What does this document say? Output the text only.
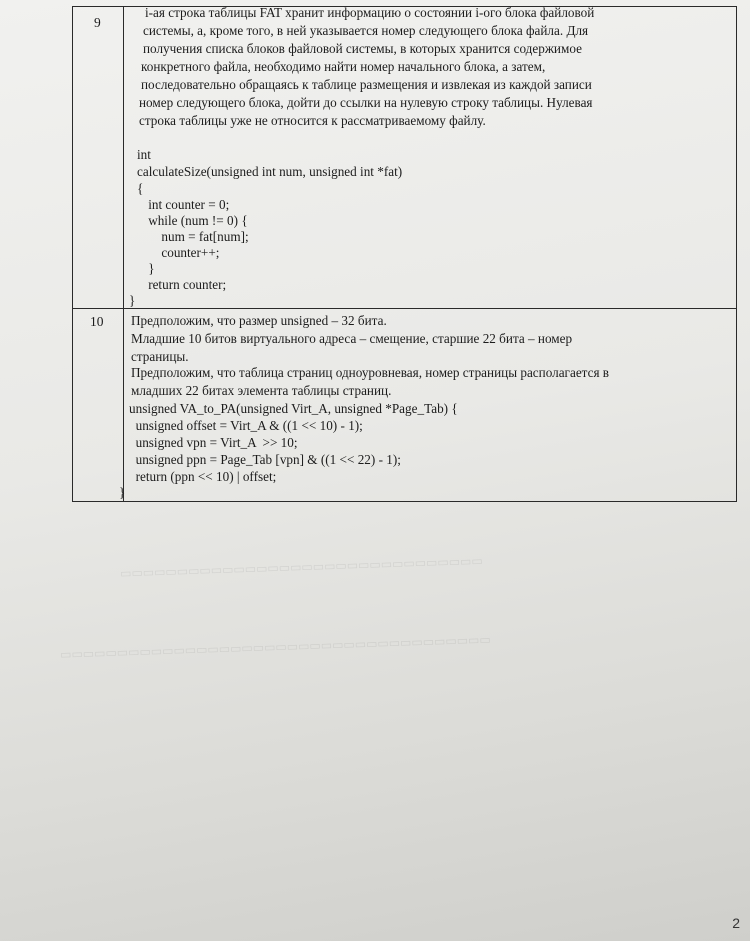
▭▭▭▭▭▭▭▭▭▭▭▭▭▭▭▭▭▭▭▭▭▭▭▭▭▭▭▭▭▭▭▭
▭▭▭▭▭▭▭▭▭▭▭▭▭▭▭▭▭▭▭▭▭▭▭▭▭▭▭▭▭▭▭▭▭▭▭▭▭▭
9
i-ая строка таблицы FAT хранит информацию о состоянии i-ого блока файловой
системы, а, кроме того, в ней указывается номер следующего блока файла. Для
получения списка блоков файловой системы, в которых хранится содержимое
конкретного файла, необходимо найти номер начального блока, а затем,
последовательно обращаясь к таблице размещения и извлекая из каждой записи
номер следующего блока, дойти до ссылки на нулевую строку таблицы. Нулевая
строка таблицы уже не относится к рассматриваемому файлу.
int
calculateSize(unsigned int num, unsigned int *fat)
{
int counter = 0;
while (num != 0) {
num = fat[num];
counter++;
}
return counter;
}
10 Предположим, что размер unsigned – 32 бита.
Младшие 10 битов виртуального адреса – смещение, старшие 22 бита – номер
страницы.
Предположим, что таблица страниц одноуровневая, номер страницы располагается в
младших 22 битах элемента таблицы страниц.
unsigned VA_to_PA(unsigned Virt_A, unsigned *Page_Tab) {
unsigned offset = Virt_A & ((1 << 10) - 1);
unsigned vpn = Virt_A  >> 10;
unsigned ppn = Page_Tab [vpn] & ((1 << 22) - 1);
return (ppn << 10) | offset;
}
2
